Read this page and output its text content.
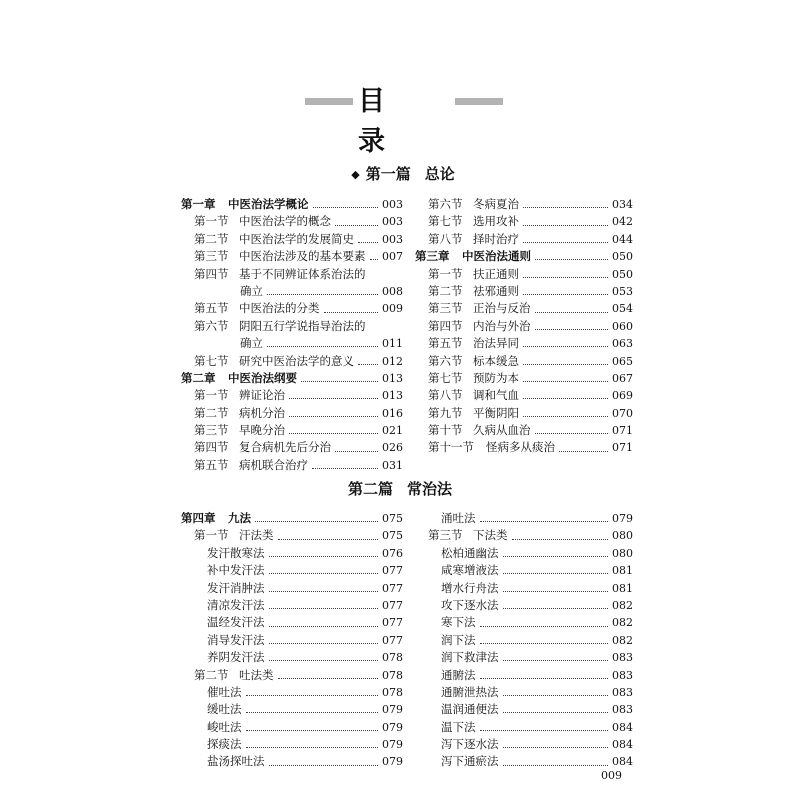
目 录
◆ 第一篇 总论
第一章 中医治法学概论	003
第一节 中医治法学的概念	003
第二节 中医治法学的发展简史	003
第三节 中医治法涉及的基本要素 007
第四节 基于不同辨证体系治法的
确立	008
第五节 中医治法的分类	009
第六节 阴阳五行学说指导治法的
确立	011
第七节 研究中医治法学的意义	012
第二章 中医治法纲要	013
第一节 辨证论治	013
第二节 病机分治	016
第三节 早晚分治	021
第四节 复合病机先后分治	026
第五节 病机联合治疗	031
第六节 冬病夏治	034
第七节 选用攻补	042
第八节 择时治疗	044
第三章 中医治法通则	050
第一节 扶正通则	050
第二节 祛邪通则	053
第三节 正治与反治	054
第四节 内治与外治	060
第五节 治法异同	063
第六节 标本缓急	065
第七节 预防为本	067
第八节 调和气血	069
第九节 平衡阴阳	070
第十节 久病从血治	071
第十一节 怪病多从痰治	071
第二篇 常治法
第四章 九法	075
第一节 汗法类	075
发汗散寒法	076
补中发汗法	077
发汗消肿法	077
清凉发汗法	077
温经发汗法	077
消导发汗法	077
养阴发汗法	078
第二节 吐法类	078
催吐法	078
缓吐法	079
峻吐法	079
探痰法	079
盐汤探吐法	079
涌吐法	079
第三节 下法类	080
松柏通幽法	080
咸寒增液法	081
增水行舟法	081
攻下逐水法	082
寒下法	082
润下法	082
润下救津法	083
通腑法	083
通腑泄热法	083
温润通便法	083
温下法	084
泻下逐水法	084
泻下通瘀法	084
009
